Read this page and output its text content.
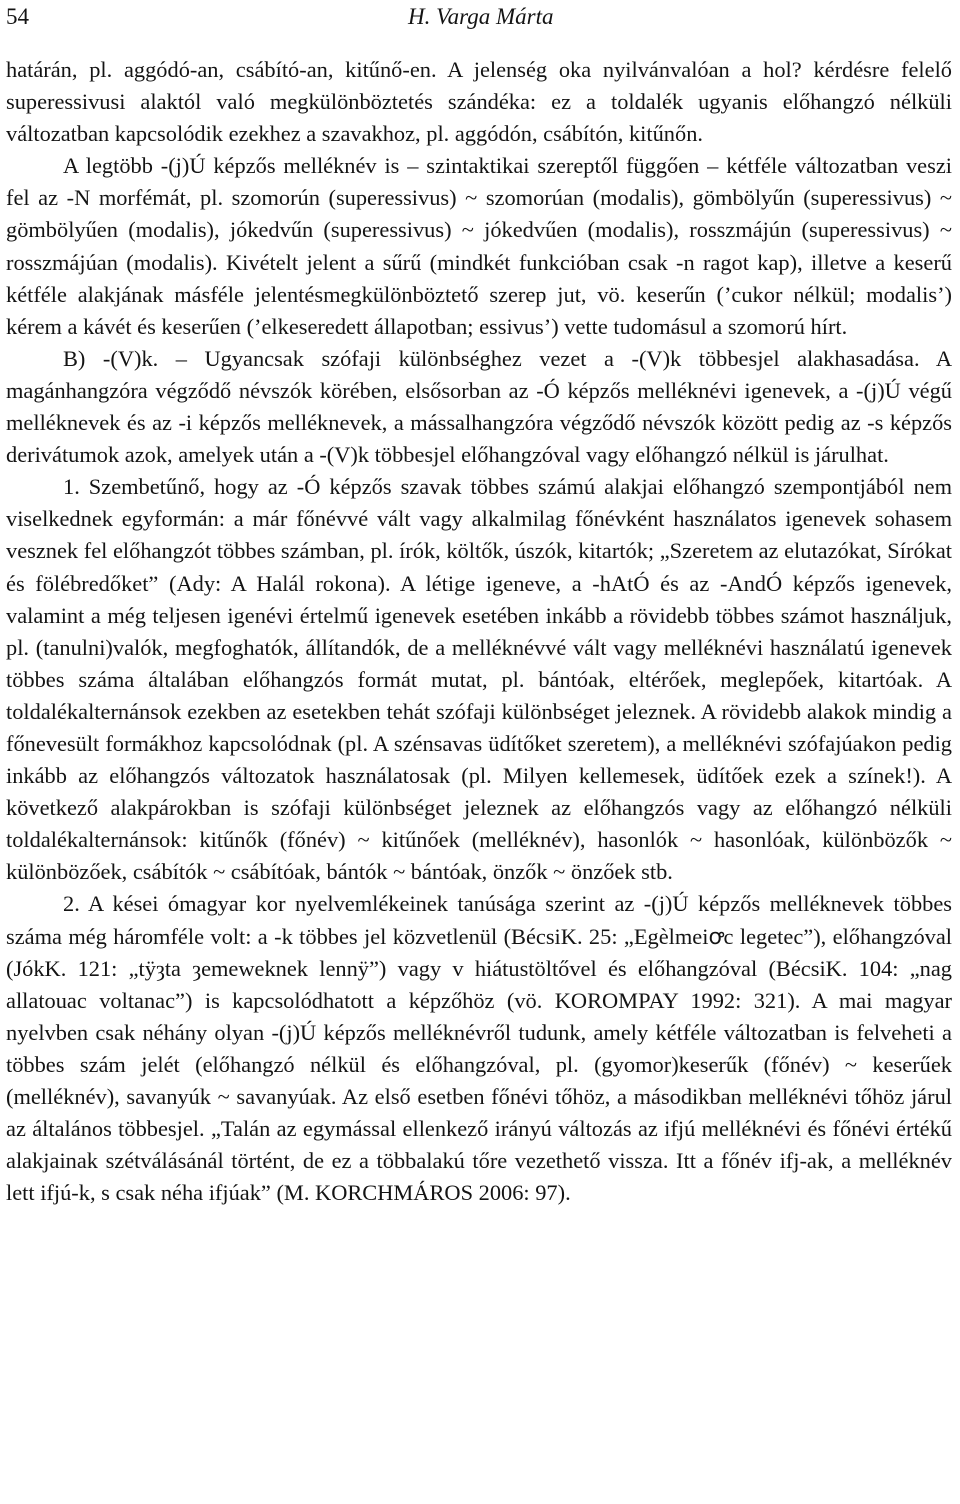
54	H. Varga Márta

határán, pl. aggódó-an, csábító-an, kitűnő-en. A jelenség oka nyilvánvalóan a hol? kérdésre felelő superessivusi alaktól való megkülönböztetés szándéka: ez a toldalék ugyanis előhangzó nélküli változatban kapcsolódik ezekhez a szavakhoz, pl. aggódón, csábítón, kitűnőn.

A legtöbb -(j)Ú képzős melléknév is – szintaktikai szereptől függően – kétféle változatban veszi fel az -N morfémát, pl. szomorún (superessivus) ~ szomorúan (modalis), gömbölyűn (superessivus) ~ gömbölyűen (modalis), jókedvűn (superessivus) ~ jókedvűen (modalis), rosszmájún (superessivus) ~ rosszmájúan (modalis). Kivételt jelent a sűrű (mindkét funkcióban csak -n ragot kap), illetve a keserű kétféle alakjának másféle jelentésmegkülönböztető szerep jut, vö. keserűn (’cukor nélkül; modalis’) kérem a kávét és keserűen (’elkeseredett állapotban; essivus’) vette tudomásul a szomorú hírt.

B) -(V)k. – Ugyancsak szófaji különbséghez vezet a -(V)k többesjel alakhasadása. A magánhangzóra végződő névszók körében, elsősorban az -Ó képzős melléknévi igenevek, a -(j)Ú végű melléknevek és az -i képzős melléknevek, a mássalhangzóra végződő névszók között pedig az -s képzős derivátumok azok, amelyek után a -(V)k többesjel előhangzóval vagy előhangzó nélkül is járulhat.

1. Szembetűnő, hogy az -Ó képzős szavak többes számú alakjai előhangzó szempontjából nem viselkednek egyformán: a már főnévvé vált vagy alkalmilag főnévként használatos igenevek sohasem vesznek fel előhangzót többes számban, pl. írók, költők, úszók, kitartók; „Szeretem az elutazókat, Sírókat és fölébredőket” (Ady: A Halál rokona). A létige igeneve, a -hAtÓ és az -AndÓ képzős igenevek, valamint a még teljesen igenévi értelmű igenevek esetében inkább a rövidebb többes számot használjuk, pl. (tanulni)valók, megfoghatók, állítandók, de a melléknévvé vált vagy melléknévi használatú igenevek többes száma általában előhangzós formát mutat, pl. bántóak, eltérőek, meglepőek, kitartóak. A toldalékalternánsok ezekben az esetekben tehát szófaji különbséget jeleznek. A rövidebb alakok mindig a főnevesült formákhoz kapcsolódnak (pl. A szénsavas üdítőket szeretem), a melléknévi szófajúakon pedig inkább az előhangzós változatok használatosak (pl. Milyen kellemesek, üdítőek ezek a színek!). A következő alakpárokban is szófaji különbséget jeleznek az előhangzós vagy az előhangzó nélküli toldalékalternánsok: kitűnők (főnév) ~ kitűnőek (melléknév), hasonlók ~ hasonlóak, különbözők ~ különbözőek, csábítók ~ csábítóak, bántók ~ bántóak, önzők ~ önzőek stb.

2. A kései ómagyar kor nyelvemlékeinek tanúsága szerint az -(j)Ú képzős melléknevek többes száma még háromféle volt: a -k többes jel közvetlenül (BécsiK. 25: „Egèlmeiꝍc legetec”), előhangzóval (JókK. 121: „tÿȝta ȝemeweknek lennÿ”) vagy v hiátustöltővel és előhangzóval (BécsiK. 104: „nag allatouac voltanac”) is kapcsolódhatott a képzőhöz (vö. KOROMPAY 1992: 321). A mai magyar nyelvben csak néhány olyan -(j)Ú képzős melléknévről tudunk, amely kétféle változatban is felveheti a többes szám jelét (előhangzó nélkül és előhangzóval, pl. (gyomor)keserűk (főnév) ~ keserűek (melléknév), savanyúk ~ savanyúak. Az első esetben főnévi tőhöz, a másodikban melléknévi tőhöz járul az általános többesjel. „Talán az egymással ellenkező irányú változás az ifjú melléknévi és főnévi értékű alakjainak szétválásánál történt, de ez a többalakú tőre vezethető vissza. Itt a főnév ifj-ak, a melléknév lett ifjú-k, s csak néha ifjúak” (M. KORCHMÁROS 2006: 97).
